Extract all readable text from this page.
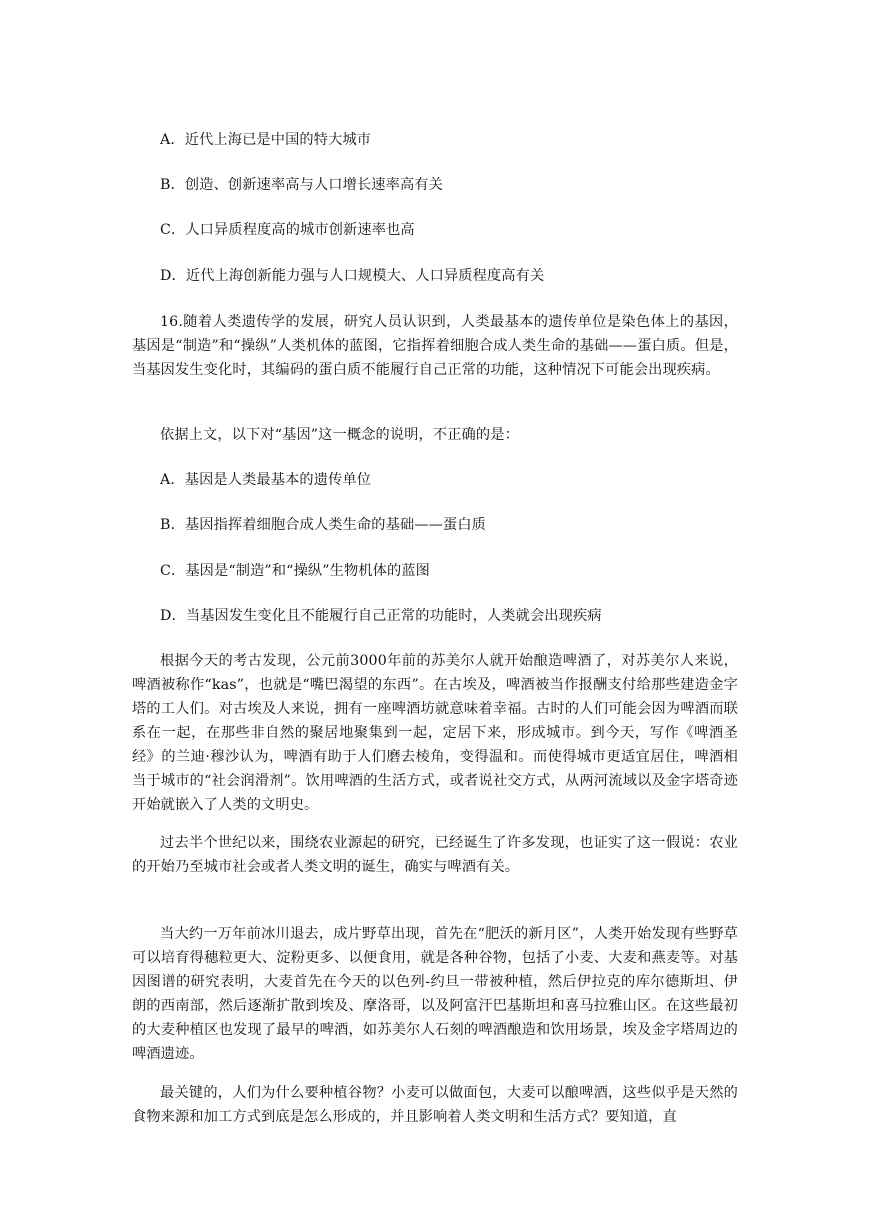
A．近代上海已是中国的特大城市
B．创造、创新速率高与人口增长速率高有关
C．人口异质程度高的城市创新速率也高
D．近代上海创新能力强与人口规模大、人口异质程度高有关
16.随着人类遗传学的发展，研究人员认识到，人类最基本的遗传单位是染色体上的基因，基因是“制造”和“操纵”人类机体的蓝图，它指挥着细胞合成人类生命的基础——蛋白质。但是，当基因发生变化时，其编码的蛋白质不能履行自己正常的功能，这种情况下可能会出现疾病。
依据上文，以下对“基因”这一概念的说明，不正确的是：
A．基因是人类最基本的遗传单位
B．基因指挥着细胞合成人类生命的基础——蛋白质
C．基因是“制造”和“操纵”生物机体的蓝图
D．当基因发生变化且不能履行自己正常的功能时，人类就会出现疾病
根据今天的考古发现，公元前3000年前的苏美尔人就开始酿造啤酒了，对苏美尔人来说，啤酒被称作“kas”，也就是“嘴巴渴望的东西”。在古埃及，啤酒被当作报酬支付给那些建造金字塔的工人们。对古埃及人来说，拥有一座啤酒坊就意味着幸福。古时的人们可能会因为啤酒而联系在一起，在那些非自然的聚居地聚集到一起，定居下来，形成城市。到今天，写作《啤酒圣经》的兰迪·穆沙认为，啤酒有助于人们磨去棱角，变得温和。而使得城市更适宜居住，啤酒相当于城市的“社会润滑剂”。饮用啤酒的生活方式，或者说社交方式，从两河流域以及金字塔奇迹开始就嵌入了人类的文明史。
过去半个世纪以来，围绕农业源起的研究，已经诞生了许多发现，也证实了这一假说：农业的开始乃至城市社会或者人类文明的诞生，确实与啤酒有关。
当大约一万年前冰川退去，成片野草出现，首先在“肥沃的新月区”，人类开始发现有些野草可以培育得穗粒更大、淀粉更多、以便食用，就是各种谷物，包括了小麦、大麦和燕麦等。对基因图谱的研究表明，大麦首先在今天的以色列-约旦一带被种植，然后伊拉克的库尔德斯坦、伊朗的西南部，然后逐渐扩散到埃及、摩洛哥，以及阿富汗巴基斯坦和喜马拉雅山区。在这些最初的大麦种植区也发现了最早的啤酒，如苏美尔人石刻的啤酒酿造和饮用场景，埃及金字塔周边的啤酒遗迹。
最关键的，人们为什么要种植谷物？小麦可以做面包，大麦可以酿啤酒，这些似乎是天然的食物来源和加工方式到底是怎么形成的，并且影响着人类文明和生活方式？要知道，直
